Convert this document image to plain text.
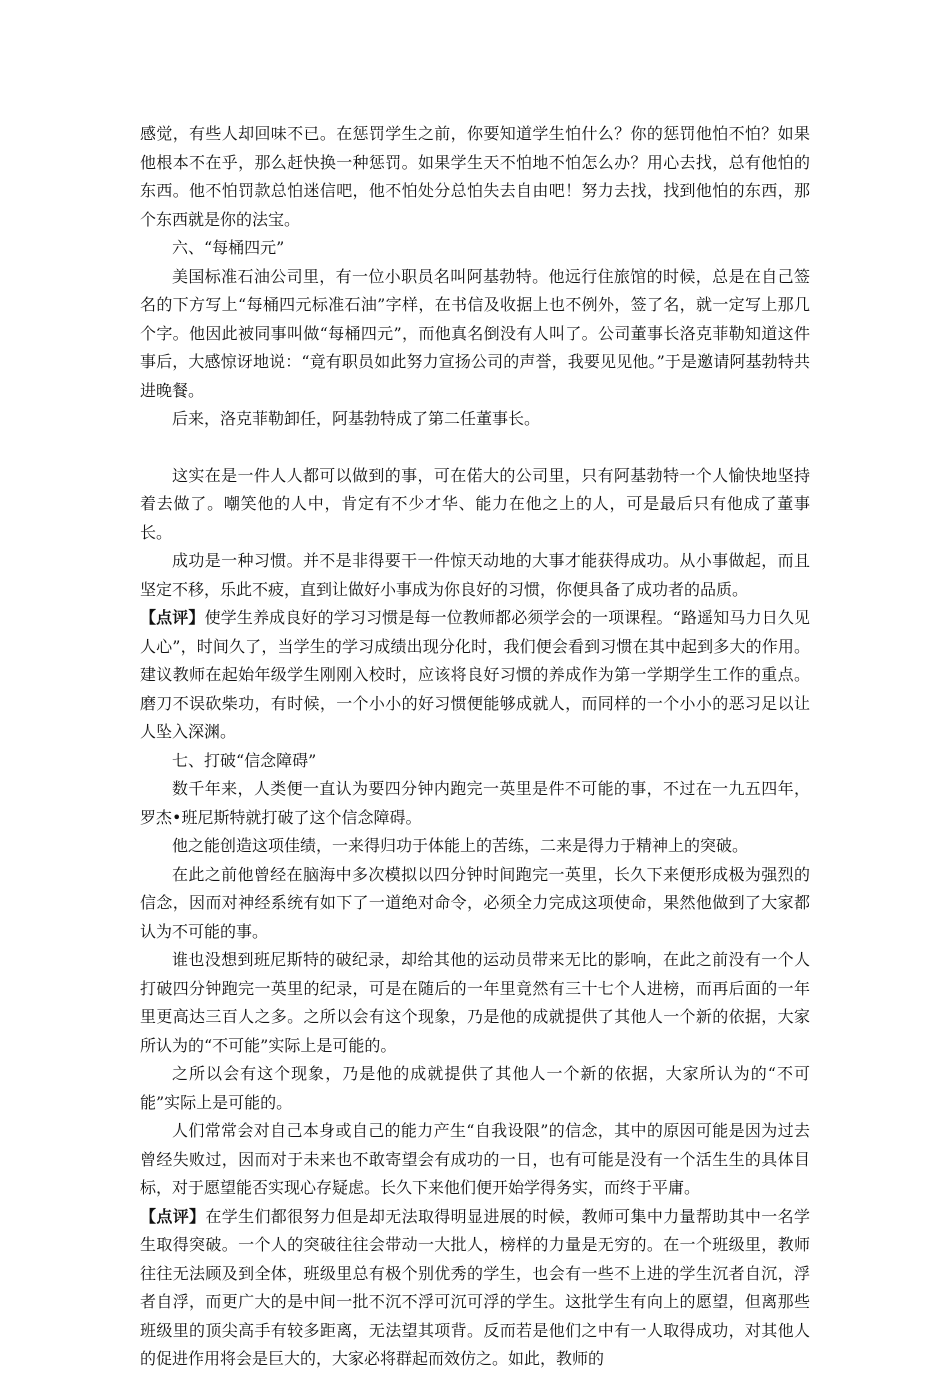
感觉，有些人却回味不已。在惩罚学生之前，你要知道学生怕什么？你的惩罚他怕不怕？如果他根本不在乎，那么赶快换一种惩罚。如果学生天不怕地不怕怎么办？用心去找，总有他怕的东西。他不怕罚款总怕迷信吧，他不怕处分总怕失去自由吧！努力去找，找到他怕的东西，那个东西就是你的法宝。

六、“每桶四元”

美国标准石油公司里，有一位小职员名叫阿基勃特。他远行住旅馆的时候，总是在自己签名的下方写上“每桶四元标准石油”字样，在书信及收据上也不例外，签了名，就一定写上那几个字。他因此被同事叫做“每桶四元”，而他真名倒没有人叫了。公司董事长洛克菲勒知道这件事后，大感惊讶地说：“竟有职员如此努力宣扬公司的声誉，我要见见他。”于是邀请阿基勃特共进晚餐。

后来，洛克菲勒卸任，阿基勃特成了第二任董事长。

这实在是一件人人都可以做到的事，可在偌大的公司里，只有阿基勃特一个人愉快地坚持着去做了。嘲笑他的人中，肯定有不少才华、能力在他之上的人，可是最后只有他成了董事长。

成功是一种习惯。并不是非得要干一件惊天动地的大事才能获得成功。从小事做起，而且坚定不移，乐此不疲，直到让做好小事成为你良好的习惯，你便具备了成功者的品质。

【点评】使学生养成良好的学习习惯是每一位教师都必须学会的一项课程。“路遥知马力日久见人心”，时间久了，当学生的学习成绩出现分化时，我们便会看到习惯在其中起到多大的作用。建议教师在起始年级学生刚刚入校时，应该将良好习惯的养成作为第一学期学生工作的重点。磨刀不误砍柴功，有时候，一个小小的好习惯便能够成就人，而同样的一个小小的恶习足以让人坠入深渊。

七、打破“信念障碍”

数千年来，人类便一直认为要四分钟内跑完一英里是件不可能的事，不过在一九五四年，罗杰•班尼斯特就打破了这个信念障碍。

他之能创造这项佳绩，一来得归功于体能上的苦练，二来是得力于精神上的突破。

在此之前他曾经在脑海中多次模拟以四分钟时间跑完一英里，长久下来便形成极为强烈的信念，因而对神经系统有如下了一道绝对命令，必须全力完成这项使命，果然他做到了大家都认为不可能的事。

谁也没想到班尼斯特的破纪录，却给其他的运动员带来无比的影响，在此之前没有一个人打破四分钟跑完一英里的纪录，可是在随后的一年里竟然有三十七个人进榜，而再后面的一年里更高达三百人之多。之所以会有这个现象，乃是他的成就提供了其他人一个新的依据，大家所认为的“不可能”实际上是可能的。

之所以会有这个现象，乃是他的成就提供了其他人一个新的依据，大家所认为的“不可能”实际上是可能的。

人们常常会对自己本身或自己的能力产生“自我设限”的信念，其中的原因可能是因为过去曾经失败过，因而对于未来也不敢寄望会有成功的一日，也有可能是没有一个活生生的具体目标，对于愿望能否实现心存疑虑。长久下来他们便开始学得务实，而终于平庸。

【点评】在学生们都很努力但是却无法取得明显进展的时候，教师可集中力量帮助其中一名学生取得突破。一个人的突破往往会带动一大批人，榜样的力量是无穷的。在一个班级里，教师往往无法顾及到全体，班级里总有极个别优秀的学生，也会有一些不上进的学生沉者自沉，浮者自浮，而更广大的是中间一批不沉不浮可沉可浮的学生。这批学生有向上的愿望，但离那些班级里的顶尖高手有较多距离，无法望其项背。反而若是他们之中有一人取得成功，对其他人的促进作用将会是巨大的，大家必将群起而效仿之。如此，教师的
